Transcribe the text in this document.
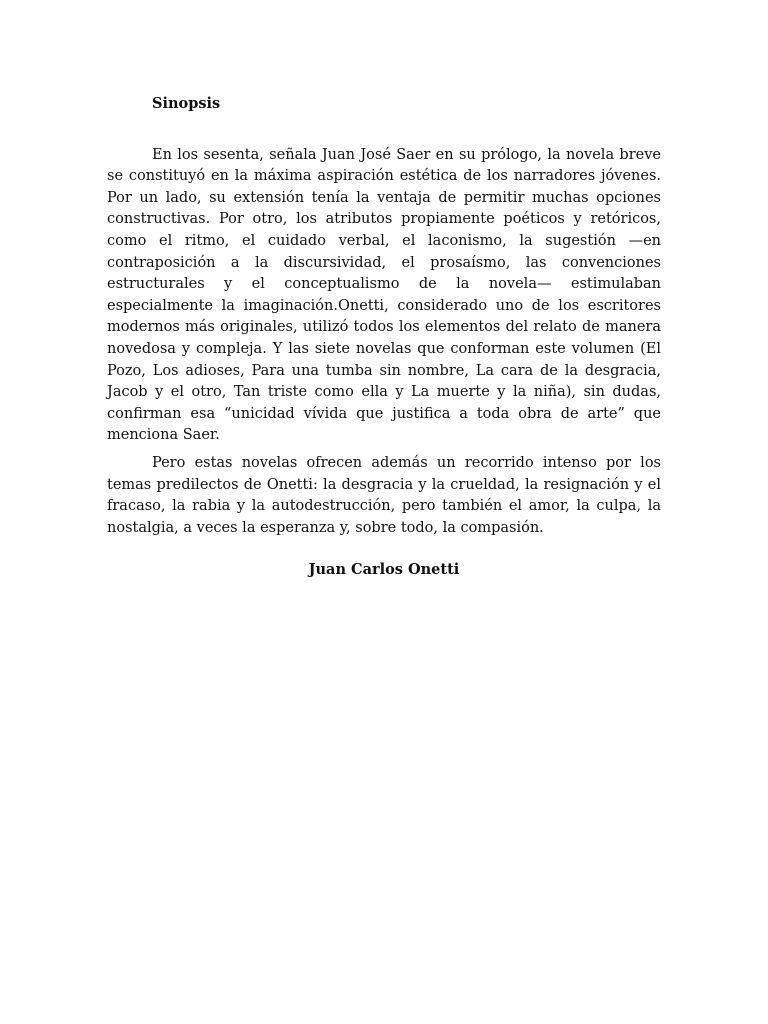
Sinopsis

En los sesenta, señala Juan José Saer en su prólogo, la novela breve se constituyó en la máxima aspiración estética de los narradores jóvenes. Por un lado, su extensión tenía la ventaja de permitir muchas opciones constructivas. Por otro, los atributos propiamente poéticos y retóricos, como el ritmo, el cuidado verbal, el laconismo, la sugestión —en contraposición a la discursividad, el prosaísmo, las convenciones estructurales y el conceptualismo de la novela— estimulaban especialmente la imaginación.Onetti, considerado uno de los escritores modernos más originales, utilizó todos los elementos del relato de manera novedosa y compleja. Y las siete novelas que conforman este volumen (El Pozo, Los adioses, Para una tumba sin nombre, La cara de la desgracia, Jacob y el otro, Tan triste como ella y La muerte y la niña), sin dudas, confirman esa “unicidad vívida que justifica a toda obra de arte” que menciona Saer.

Pero estas novelas ofrecen además un recorrido intenso por los temas predilectos de Onetti: la desgracia y la crueldad, la resignación y el fracaso, la rabia y la autodestrucción, pero también el amor, la culpa, la nostalgia, a veces la esperanza y, sobre todo, la compasión.

Juan Carlos Onetti
